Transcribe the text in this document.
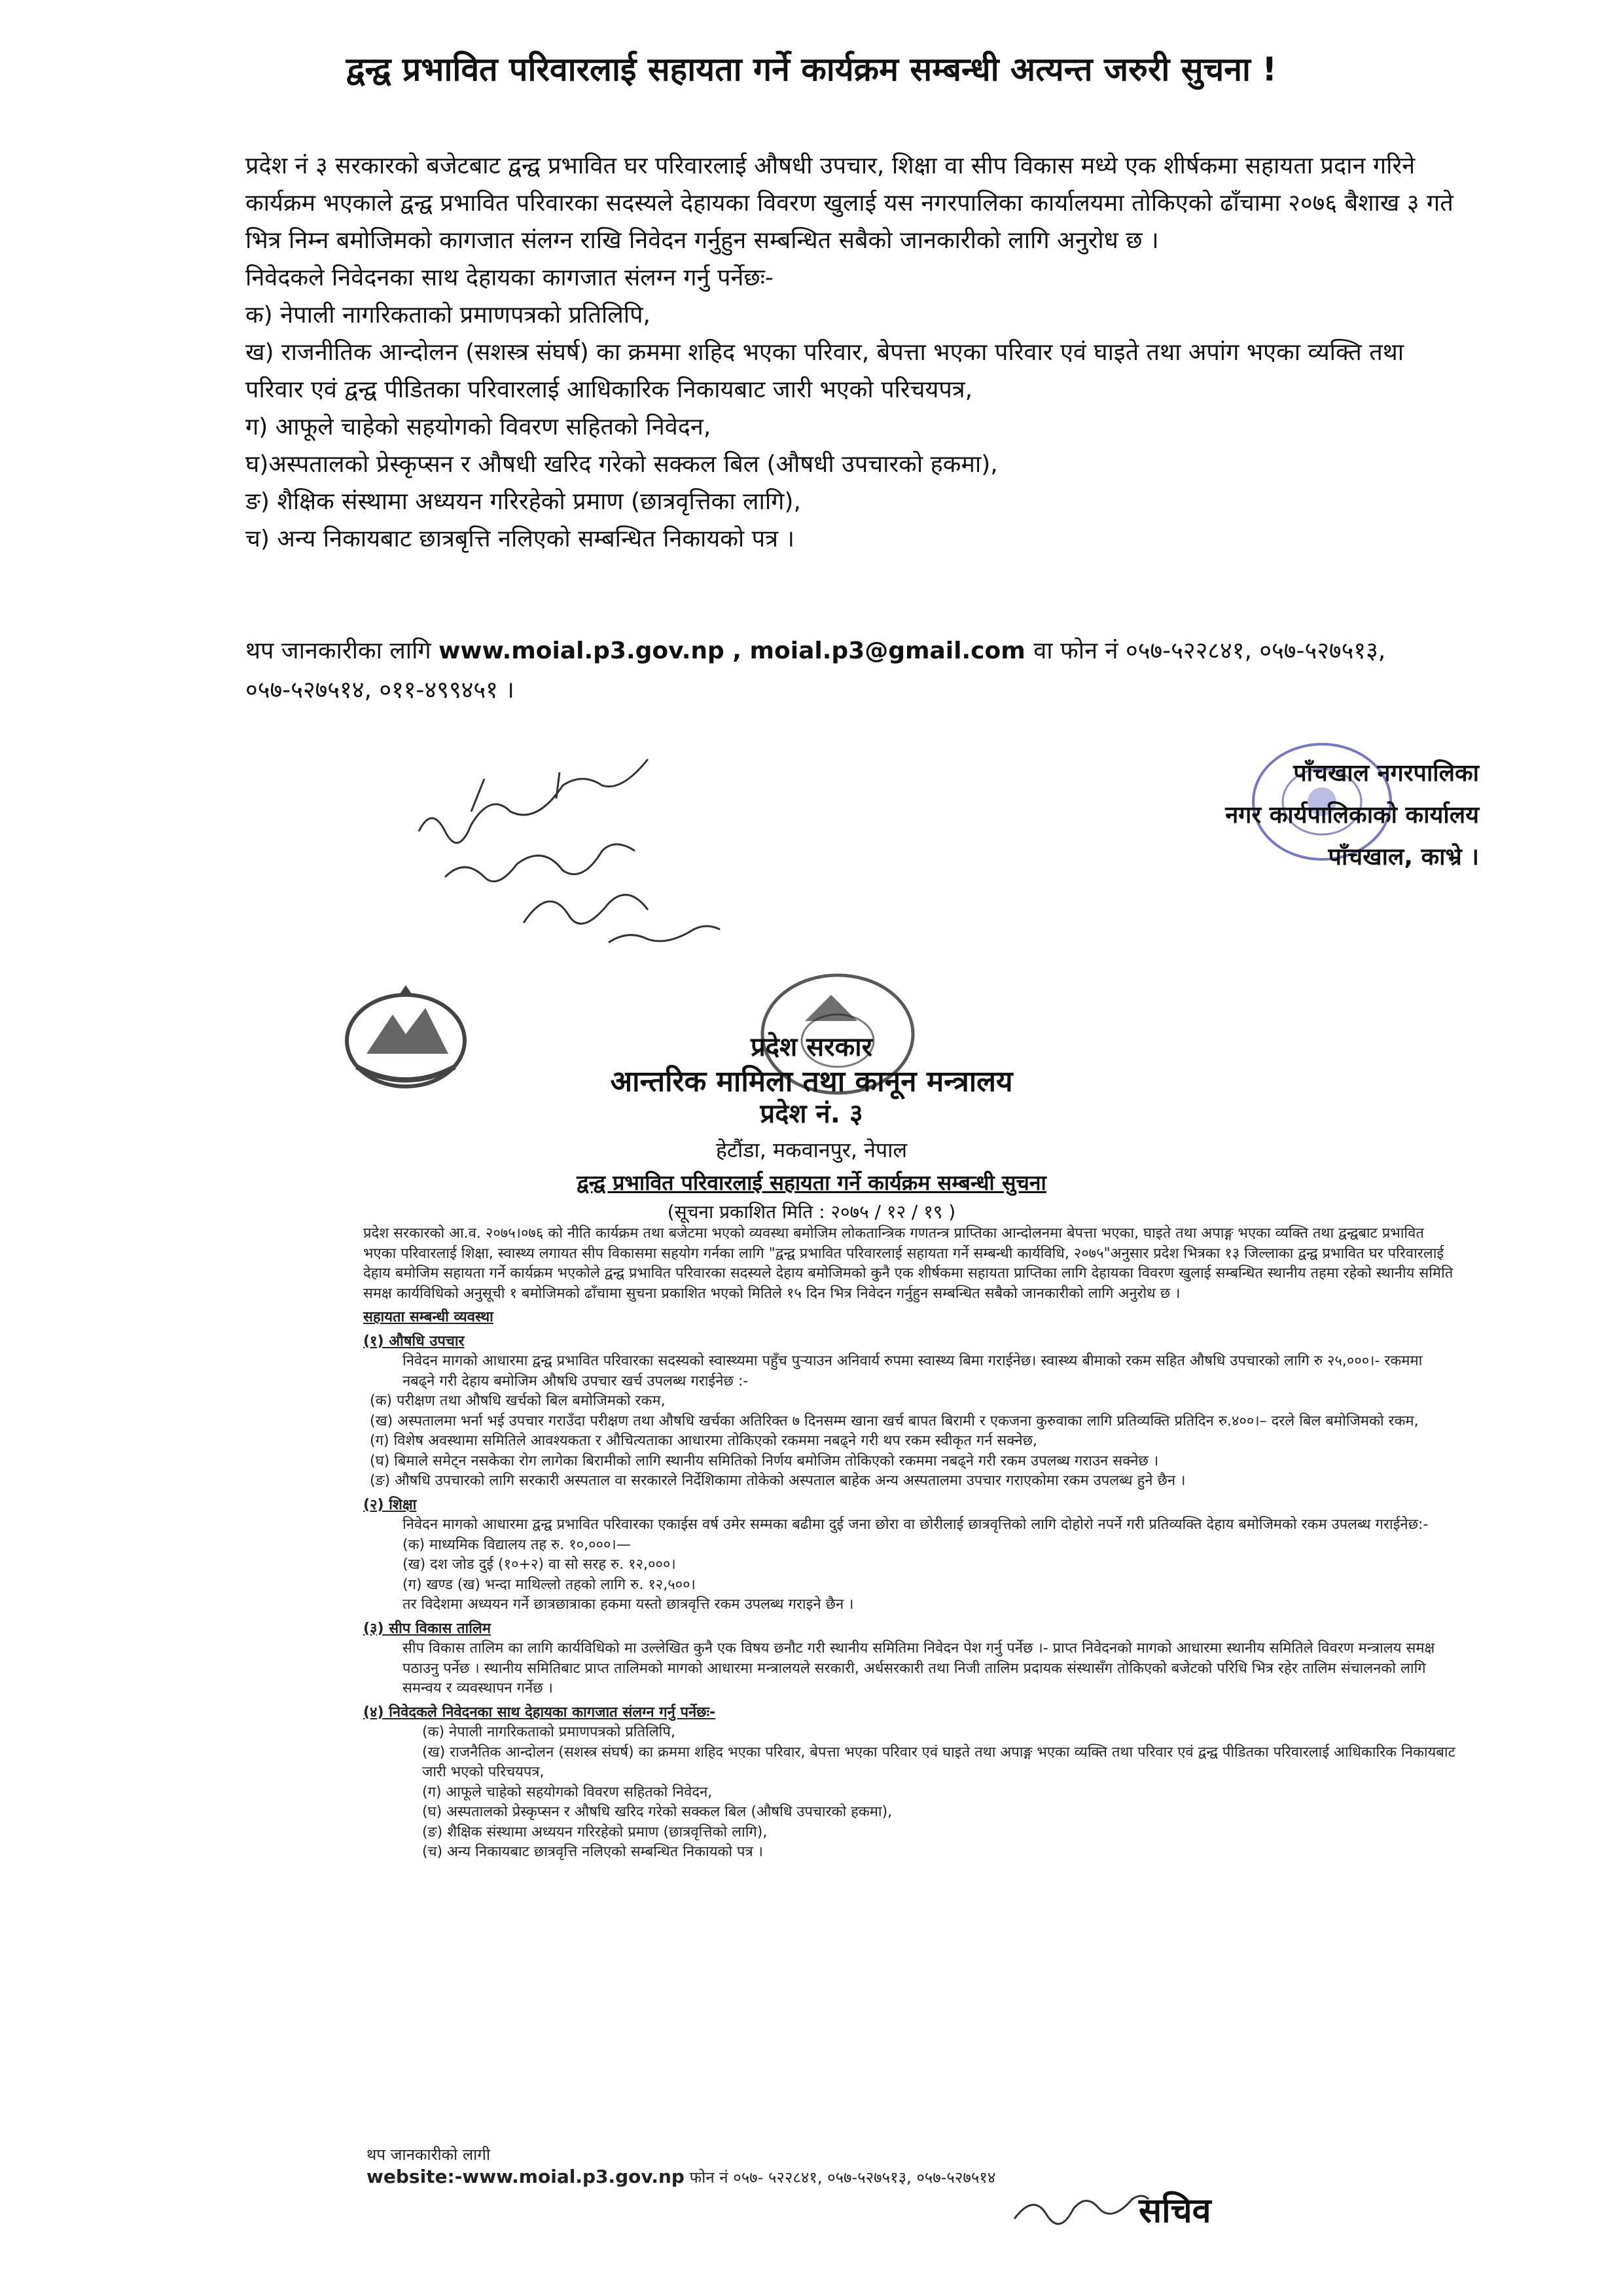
द्वन्द्व प्रभावित परिवारलाई सहायता गर्ने कार्यक्रम सम्बन्धी अत्यन्त जरुरी सुचना !

प्रदेश नं ३ सरकारको बजेटबाट द्वन्द्व प्रभावित घर परिवारलाई औषधी उपचार, शिक्षा वा सीप विकास मध्ये एक शीर्षकमा सहायता प्रदान गरिने कार्यक्रम भएकाले द्वन्द्व प्रभावित परिवारका सदस्यले देहायका विवरण खुलाई यस नगरपालिका कार्यालयमा तोकिएको ढाँचामा २०७६ बैशाख ३ गते भित्र निम्न बमोजिमको कागजात संलग्न राखि निवेदन गर्नुहुन सम्बन्धित सबैको जानकारीको लागि अनुरोध छ ।

निवेदकले निवेदनका साथ देहायका कागजात संलग्न गर्नु पर्नेछः-

क) नेपाली नागरिकताको प्रमाणपत्रको प्रतिलिपि,

ख) राजनीतिक आन्दोलन (सशस्त्र संघर्ष) का क्रममा शहिद भएका परिवार, बेपत्ता भएका परिवार एवं घाइते तथा अपांग भएका व्यक्ति तथा परिवार एवं द्वन्द्व पीडितका परिवारलाई आधिकारिक निकायबाट जारी भएको परिचयपत्र,

ग) आफूले चाहेको सहयोगको विवरण सहितको निवेदन,

घ)अस्पतालको प्रेस्कृप्सन र औषधी खरिद गरेको सक्कल बिल (औषधी उपचारको हकमा),

ङ) शैक्षिक संस्थामा अध्ययन गरिरहेको प्रमाण (छात्रवृत्तिका लागि),

च) अन्य निकायबाट छात्रबृत्ति नलिएको सम्बन्धित निकायको पत्र ।

थप जानकारीका लागि www.moial.p3.gov.np , moial.p3@gmail.com वा फोन नं ०५७-५२२८४१, ०५७-५२७५१३, ०५७-५२७५१४, ०११-४९९४५१ ।
पाँचखाल नगरपालिका
नगर कार्यपालिकाको कार्यालय
पाँचखाल, काभ्रे ।
प्रदेश सरकार
आन्तरिक मामिला तथा कानून मन्त्रालय
प्रदेश नं. ३
हेटौंडा, मकवानपुर, नेपाल
द्वन्द्व प्रभावित परिवारलाई सहायता गर्ने कार्यक्रम सम्बन्धी सुचना
(सूचना प्रकाशित मिति : २०७५ / १२ / १९ )

प्रदेश सरकारको आ.व. २०७५।०७६ को नीति कार्यक्रम तथा बजेटमा भएको व्यवस्था बमोजिम लोकतान्त्रिक गणतन्त्र प्राप्तिका आन्दोलनमा बेपत्ता भएका, घाइते तथा अपाङ्ग भएका व्यक्ति तथा द्वन्द्वबाट प्रभावित भएका परिवारलाई शिक्षा, स्वास्थ्य लगायत सीप विकासमा सहयोग गर्नका लागि "द्वन्द्व प्रभावित परिवारलाई सहायता गर्ने सम्बन्धी कार्यविधि, २०७५"अनुसार प्रदेश भित्रका १३ जिल्लाका द्वन्द्व प्रभावित घर परिवारलाई देहाय बमोजिम सहायता गर्ने कार्यक्रम भएकोले द्वन्द्व प्रभावित परिवारका सदस्यले देहाय बमोजिमको कुनै एक शीर्षकमा सहायता प्राप्तिका लागि देहायका विवरण खुलाई सम्बन्धित स्थानीय तहमा रहेको स्थानीय समिति समक्ष कार्यविधिको अनुसूची १ बमोजिमको ढाँचामा सुचना प्रकाशित भएको मितिले १५ दिन भित्र निवेदन गर्नुहुन सम्बन्धित सबैको जानकारीको लागि अनुरोध छ ।

सहायता सम्बन्धी व्यवस्था

(१) औषधि उपचार

निवेदन मागको आधारमा द्वन्द्व प्रभावित परिवारका सदस्यको स्वास्थ्यमा पहुँच पुर्‍याउन अनिवार्य रुपमा स्वास्थ्य बिमा गराईनेछ। स्वास्थ्य बीमाको रकम सहित औषधि उपचारको लागि रु २५,०००।- रकममा नबढ्ने गरी देहाय बमोजिम औषधि उपचार खर्च उपलब्ध गराईनेछ :-

(क) परीक्षण तथा औषधि खर्चको बिल बमोजिमको रकम,

(ख) अस्पतालमा भर्ना भई उपचार गराउँदा परीक्षण तथा औषधि खर्चका अतिरिक्त ७ दिनसम्म खाना खर्च बापत बिरामी र एकजना कुरुवाका लागि प्रतिव्यक्ति प्रतिदिन रु.४००।– दरले बिल बमोजिमको रकम,

(ग) विशेष अवस्थामा समितिले आवश्यकता र औचित्यताका आधारमा तोकिएको रकममा नबढ्ने गरी थप रकम स्वीकृत गर्न सक्नेछ,

(घ) बिमाले समेट्न नसकेका रोग लागेका बिरामीको लागि स्थानीय समितिको निर्णय बमोजिम तोकिएको रकममा नबढ्ने गरी रकम उपलब्ध गराउन सक्नेछ ।

(ङ) औषधि उपचारको लागि सरकारी अस्पताल वा सरकारले निर्देशिकामा तोकेको अस्पताल बाहेक अन्य अस्पतालमा उपचार गराएकोमा रकम उपलब्ध हुने छैन ।

(२) शिक्षा

निवेदन मागको आधारमा द्वन्द्व प्रभावित परिवारका एकाईस वर्ष उमेर सम्मका बढीमा दुई जना छोरा वा छोरीलाई छात्रवृत्तिको लागि दोहोरो नपर्ने गरी प्रतिव्यक्ति देहाय बमोजिमको रकम उपलब्ध गराईनेछ:-

(क) माध्यमिक विद्यालय तह रु. १०,०००।—

(ख) दश जोड दुई (१०+२) वा सो सरह रु. १२,०००।

(ग) खण्ड (ख) भन्दा माथिल्लो तहको लागि रु. १२,५००।

तर विदेशमा अध्ययन गर्ने छात्रछात्राका हकमा यस्तो छात्रवृत्ति रकम उपलब्ध गराइने छैन ।

(३) सीप विकास तालिम

सीप विकास तालिम का लागि कार्यविधिको मा उल्लेखित कुनै एक विषय छनौट गरी स्थानीय समितिमा निवेदन पेश गर्नु पर्नेछ ।- प्राप्त निवेदनको मागको आधारमा स्थानीय समितिले विवरण मन्त्रालय समक्ष पठाउनु पर्नेछ । स्थानीय समितिबाट प्राप्त तालिमको मागको आधारमा मन्त्रालयले सरकारी, अर्धसरकारी तथा निजी तालिम प्रदायक संस्थासँग तोकिएको बजेटको परिधि भित्र रहेर तालिम संचालनको लागि समन्वय र व्यवस्थापन गर्नेछ ।

(४) निवेदकले निवेदनका साथ देहायका कागजात संलग्न गर्नु पर्नेछः-

(क) नेपाली नागरिकताको प्रमाणपत्रको प्रतिलिपि,

(ख) राजनैतिक आन्दोलन (सशस्त्र संघर्ष) का क्रममा शहिद भएका परिवार, बेपत्ता भएका परिवार एवं घाइते तथा अपाङ्ग भएका व्यक्ति तथा परिवार एवं द्वन्द्व पीडितका परिवारलाई आधिकारिक निकायबाट जारी भएको परिचयपत्र,

(ग) आफूले चाहेको सहयोगको विवरण सहितको निवेदन,

(घ) अस्पतालको प्रेस्कृप्सन र औषधि खरिद गरेको सक्कल बिल (औषधि उपचारको हकमा),

(ङ) शैक्षिक संस्थामा अध्ययन गरिरहेको प्रमाण (छात्रवृत्तिको लागि),

(च) अन्य निकायबाट छात्रवृत्ति नलिएको सम्बन्धित निकायको पत्र ।

थप जानकारीको लागी
website:-www.moial.p3.gov.np फोन नं ०५७- ५२२८४१, ०५७-५२७५१३, ०५७-५२७५१४
सचिव
